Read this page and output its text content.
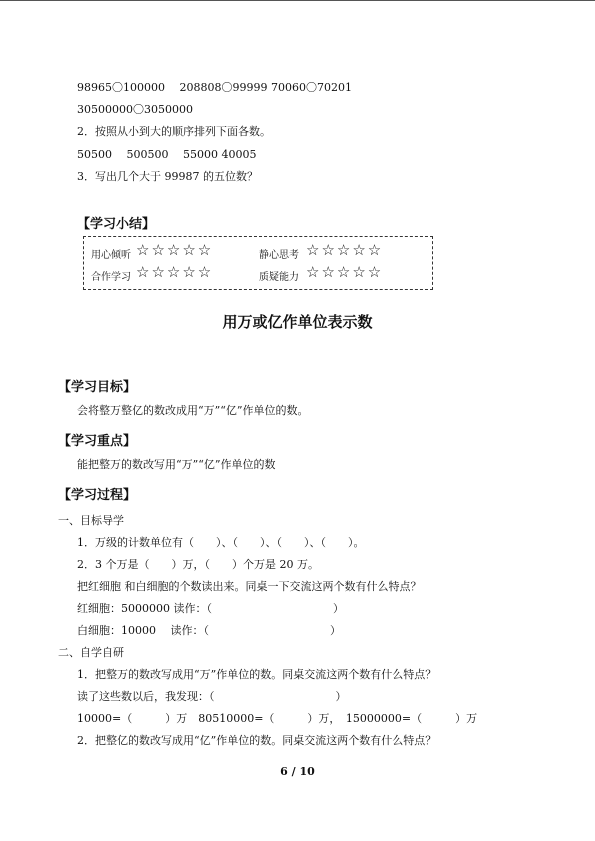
98965〇100000　 208808〇99999 70060〇70201
30500000〇3050000
2．按照从小到大的顺序排列下面各数。
50500　 500500　 55000 40005
3．写出几个大于 99987 的五位数？
【学习小结】
用心倾听 ☆☆☆☆☆	静心思考 ☆☆☆☆☆
合作学习 ☆☆☆☆☆	质疑能力 ☆☆☆☆☆
用万或亿作单位表示数
【学习目标】
会将整万整亿的数改成用“万”“亿”作单位的数。
【学习重点】
能把整万的数改写用“万”“亿”作单位的数
【学习过程】
一、目标导学
1．万级的计数单位有（　　）、（　　）、（　　）、（　　）。
2．3 个万是（　　）万，（　　）个万是 20 万。
把红细胞 和白细胞的个数读出来。同桌一下交流这两个数有什么特点？
红细胞：5000000 读作：（　　　　　　　　　　　）
白细胞：10000　 读作：（　　　　　　　　　　　）
二、自学自研
1．把整万的数改写成用“万”作单位的数。同桌交流这两个数有什么特点？
读了这些数以后，我发现：（　　　　　　　　　　　）
10000=（　　　）万　80510000=（　　　）万，　15000000=（　　　）万
2．把整亿的数改写成用“亿”作单位的数。同桌交流这两个数有什么特点？
6 / 10
